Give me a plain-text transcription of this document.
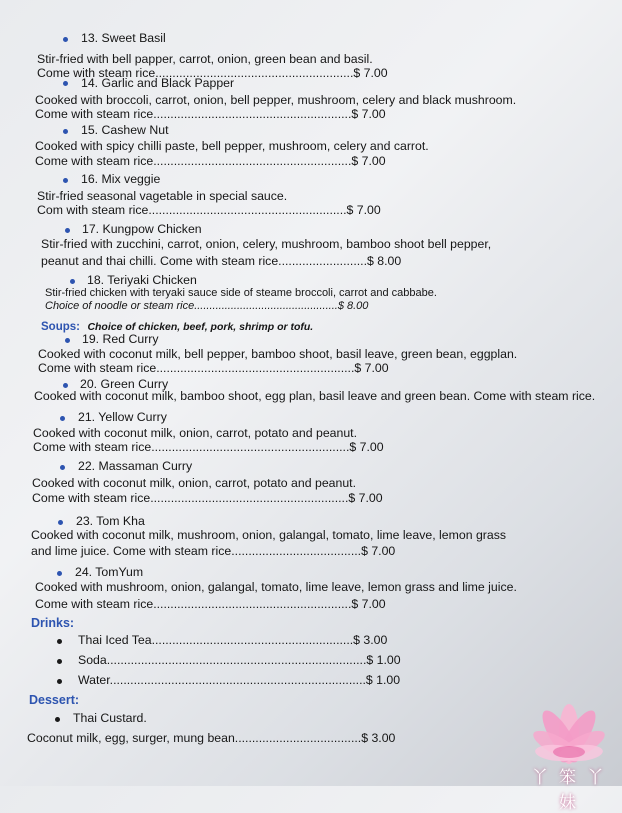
13. Sweet Basil
Stir-fried with bell papper, carrot, onion, green bean and basil.
Come with steam rice..........................................................$ 7.00
14. Garlic and Black Papper
Cooked with broccoli, carrot, onion, bell pepper, mushroom, celery and black mushroom.
Come with steam rice..........................................................$ 7.00
15. Cashew Nut
Cooked with spicy chilli paste, bell pepper, mushroom, celery and carrot.
Come with steam rice..........................................................$ 7.00
16. Mix veggie
Stir-fried seasonal vagetable in special sauce.
Com with steam rice..........................................................$ 7.00
17. Kungpow Chicken
Stir-fried with zucchini, carrot, onion, celery, mushroom, bamboo shoot bell pepper,
peanut and thai chilli. Come with steam rice..........................$ 8.00
18. Teriyaki Chicken
Stir-fried chicken with teryaki sauce side of steame broccoli, carrot and cabbabe.
Choice of noodle or steam rice...............................................$ 8.00
Soups: Choice of chicken, beef, pork, shrimp or tofu.
19. Red Curry
Cooked with coconut milk, bell pepper, bamboo shoot, basil leave, green bean, eggplan.
Come with steam rice..........................................................$ 7.00
20. Green Curry
Cooked with coconut milk, bamboo shoot, egg plan, basil leave and green bean. Come with steam rice.
21. Yellow Curry
Cooked with coconut milk, onion, carrot, potato and peanut.
Come with steam rice..........................................................$ 7.00
22. Massaman Curry
Cooked with coconut milk, onion, carrot, potato and peanut.
Come with steam rice..........................................................$ 7.00
23. Tom Kha
Cooked with coconut milk, mushroom, onion, galangal, tomato, lime leave, lemon grass
and lime juice. Come with steam rice......................................$ 7.00
24. TomYum
Cooked with mushroom, onion, galangal, tomato, lime leave, lemon grass and lime juice.
Come with steam rice..........................................................$ 7.00
Drinks:
Thai Iced Tea...........................................................$ 3.00
Soda............................................................................$ 1.00
Water...........................................................................$ 1.00
Dessert:
Thai Custard.
Coconut milk, egg, surger, mung bean.....................................$ 3.00
丫 笨 丫 妹
